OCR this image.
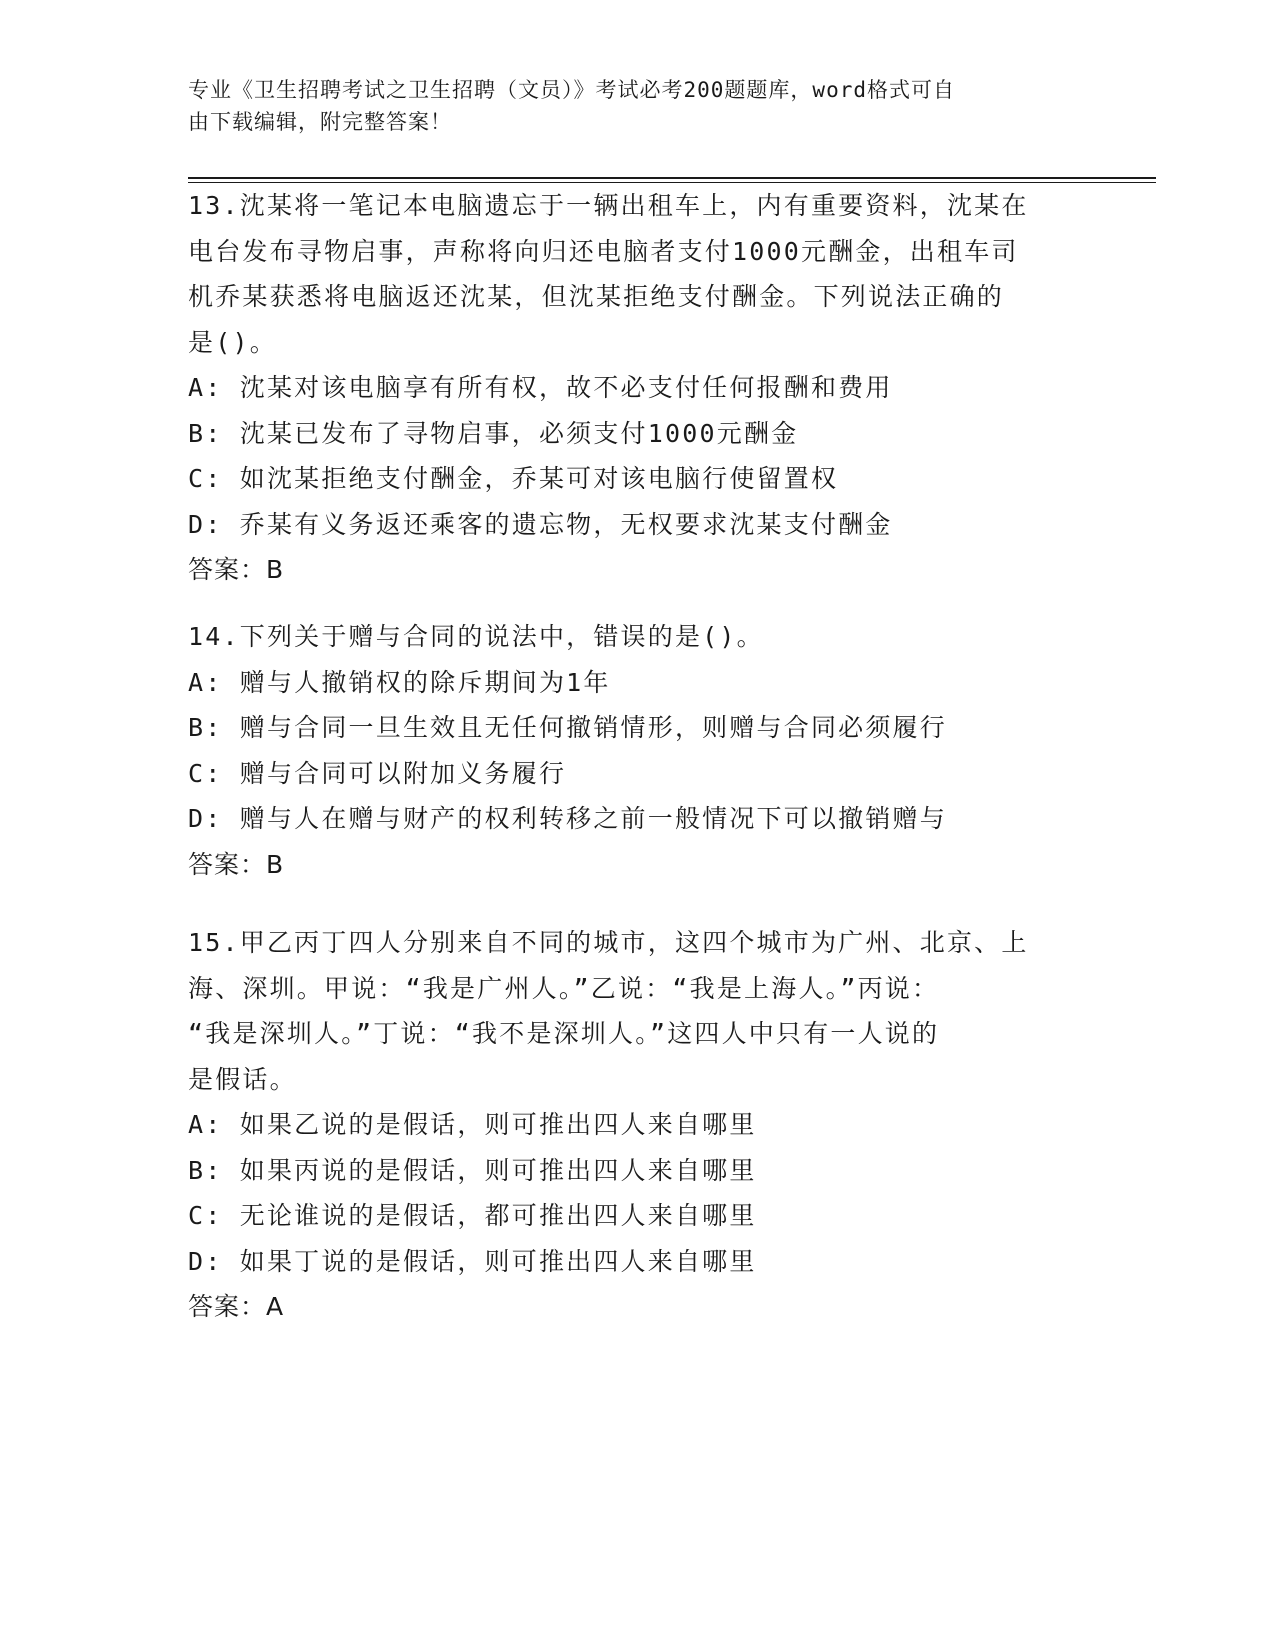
专业《卫生招聘考试之卫生招聘（文员）》考试必考200题题库，word格式可自
由下载编辑，附完整答案！

13.沈某将一笔记本电脑遗忘于一辆出租车上，内有重要资料，沈某在

电台发布寻物启事，声称将向归还电脑者支付1000元酬金，出租车司

机乔某获悉将电脑返还沈某，但沈某拒绝支付酬金。下列说法正确的

是()。

A: 沈某对该电脑享有所有权，故不必支付任何报酬和费用

B: 沈某已发布了寻物启事，必须支付1000元酬金

C: 如沈某拒绝支付酬金，乔某可对该电脑行使留置权

D: 乔某有义务返还乘客的遗忘物，无权要求沈某支付酬金

答案：B

14.下列关于赠与合同的说法中，错误的是()。

A: 赠与人撤销权的除斥期间为1年

B: 赠与合同一旦生效且无任何撤销情形，则赠与合同必须履行

C: 赠与合同可以附加义务履行

D: 赠与人在赠与财产的权利转移之前一般情况下可以撤销赠与

答案：B

15.甲乙丙丁四人分别来自不同的城市，这四个城市为广州、北京、上

海、深圳。甲说：“我是广州人。”乙说：“我是上海人。”丙说：

“我是深圳人。”丁说：“我不是深圳人。”这四人中只有一人说的

是假话。

A: 如果乙说的是假话，则可推出四人来自哪里

B: 如果丙说的是假话，则可推出四人来自哪里

C: 无论谁说的是假话，都可推出四人来自哪里

D: 如果丁说的是假话，则可推出四人来自哪里

答案：A
